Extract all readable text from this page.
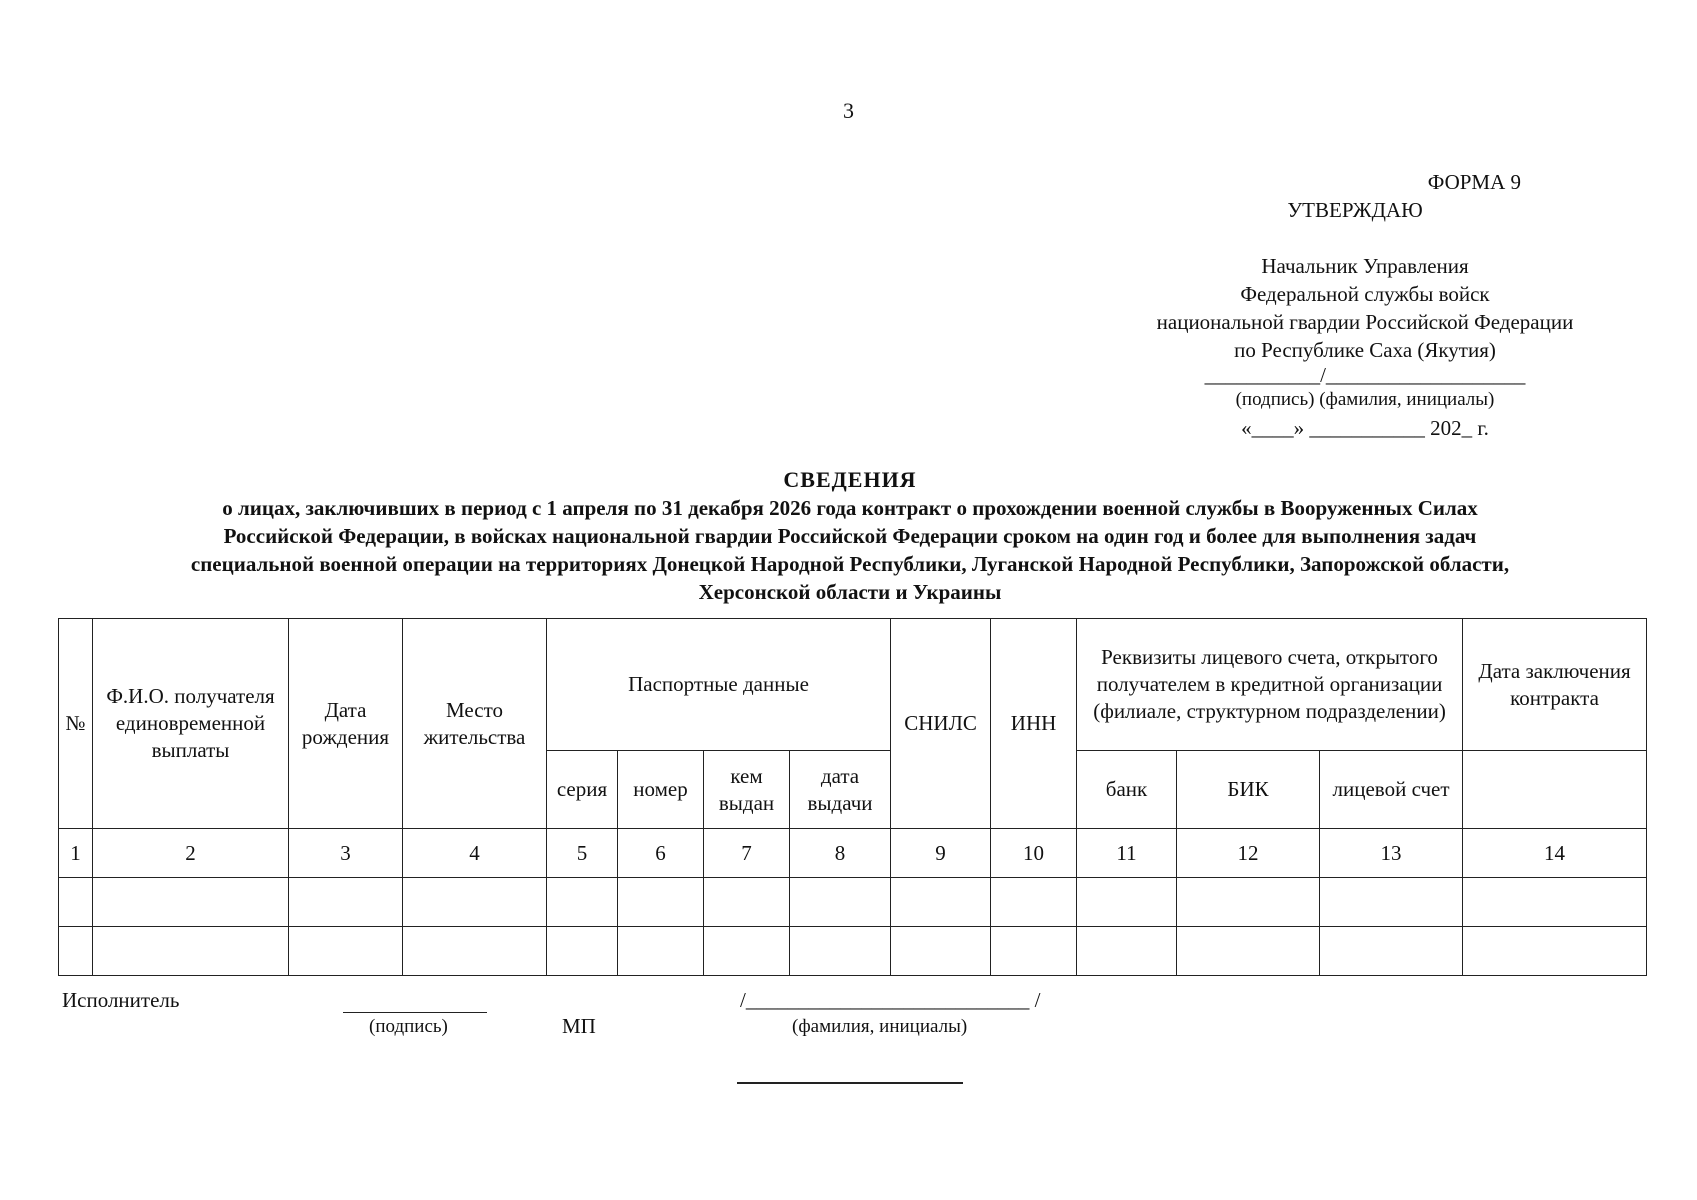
3
ФОРМА 9
УТВЕРЖДАЮ
Начальник Управления
Федеральной службы войск
национальной гвардии Российской Федерации
по Республике Саха (Якутия)
___________/___________________
(подпись) (фамилия, инициалы)
«____» ___________ 202_ г.
СВЕДЕНИЯ
о лицах, заключивших в период с 1 апреля по 31 декабря 2026 года контракт о прохождении военной службы в Вооруженных Силах
Российской Федерации, в войсках национальной гвардии Российской Федерации сроком на один год и более для выполнения задач
специальной военной операции на территориях Донецкой Народной Республики, Луганской Народной Республики, Запорожской области,
Херсонской области и Украины
№	Ф.И.О. получателя единовременной выплаты	Дата рождения	Место жительства	Паспортные данные				СНИЛС	ИНН	Реквизиты лицевого счета, открытого получателем в кредитной организации (филиале, структурном подразделении)			Дата заключения контракта
				серия	номер	кем выдан	дата выдачи			банк	БИК	лицевой счет	
1	2	3	4	5	6	7	8	9	10	11	12	13	14

Исполнитель
(подпись)	МП
/___________________________ /
(фамилия, инициалы)
